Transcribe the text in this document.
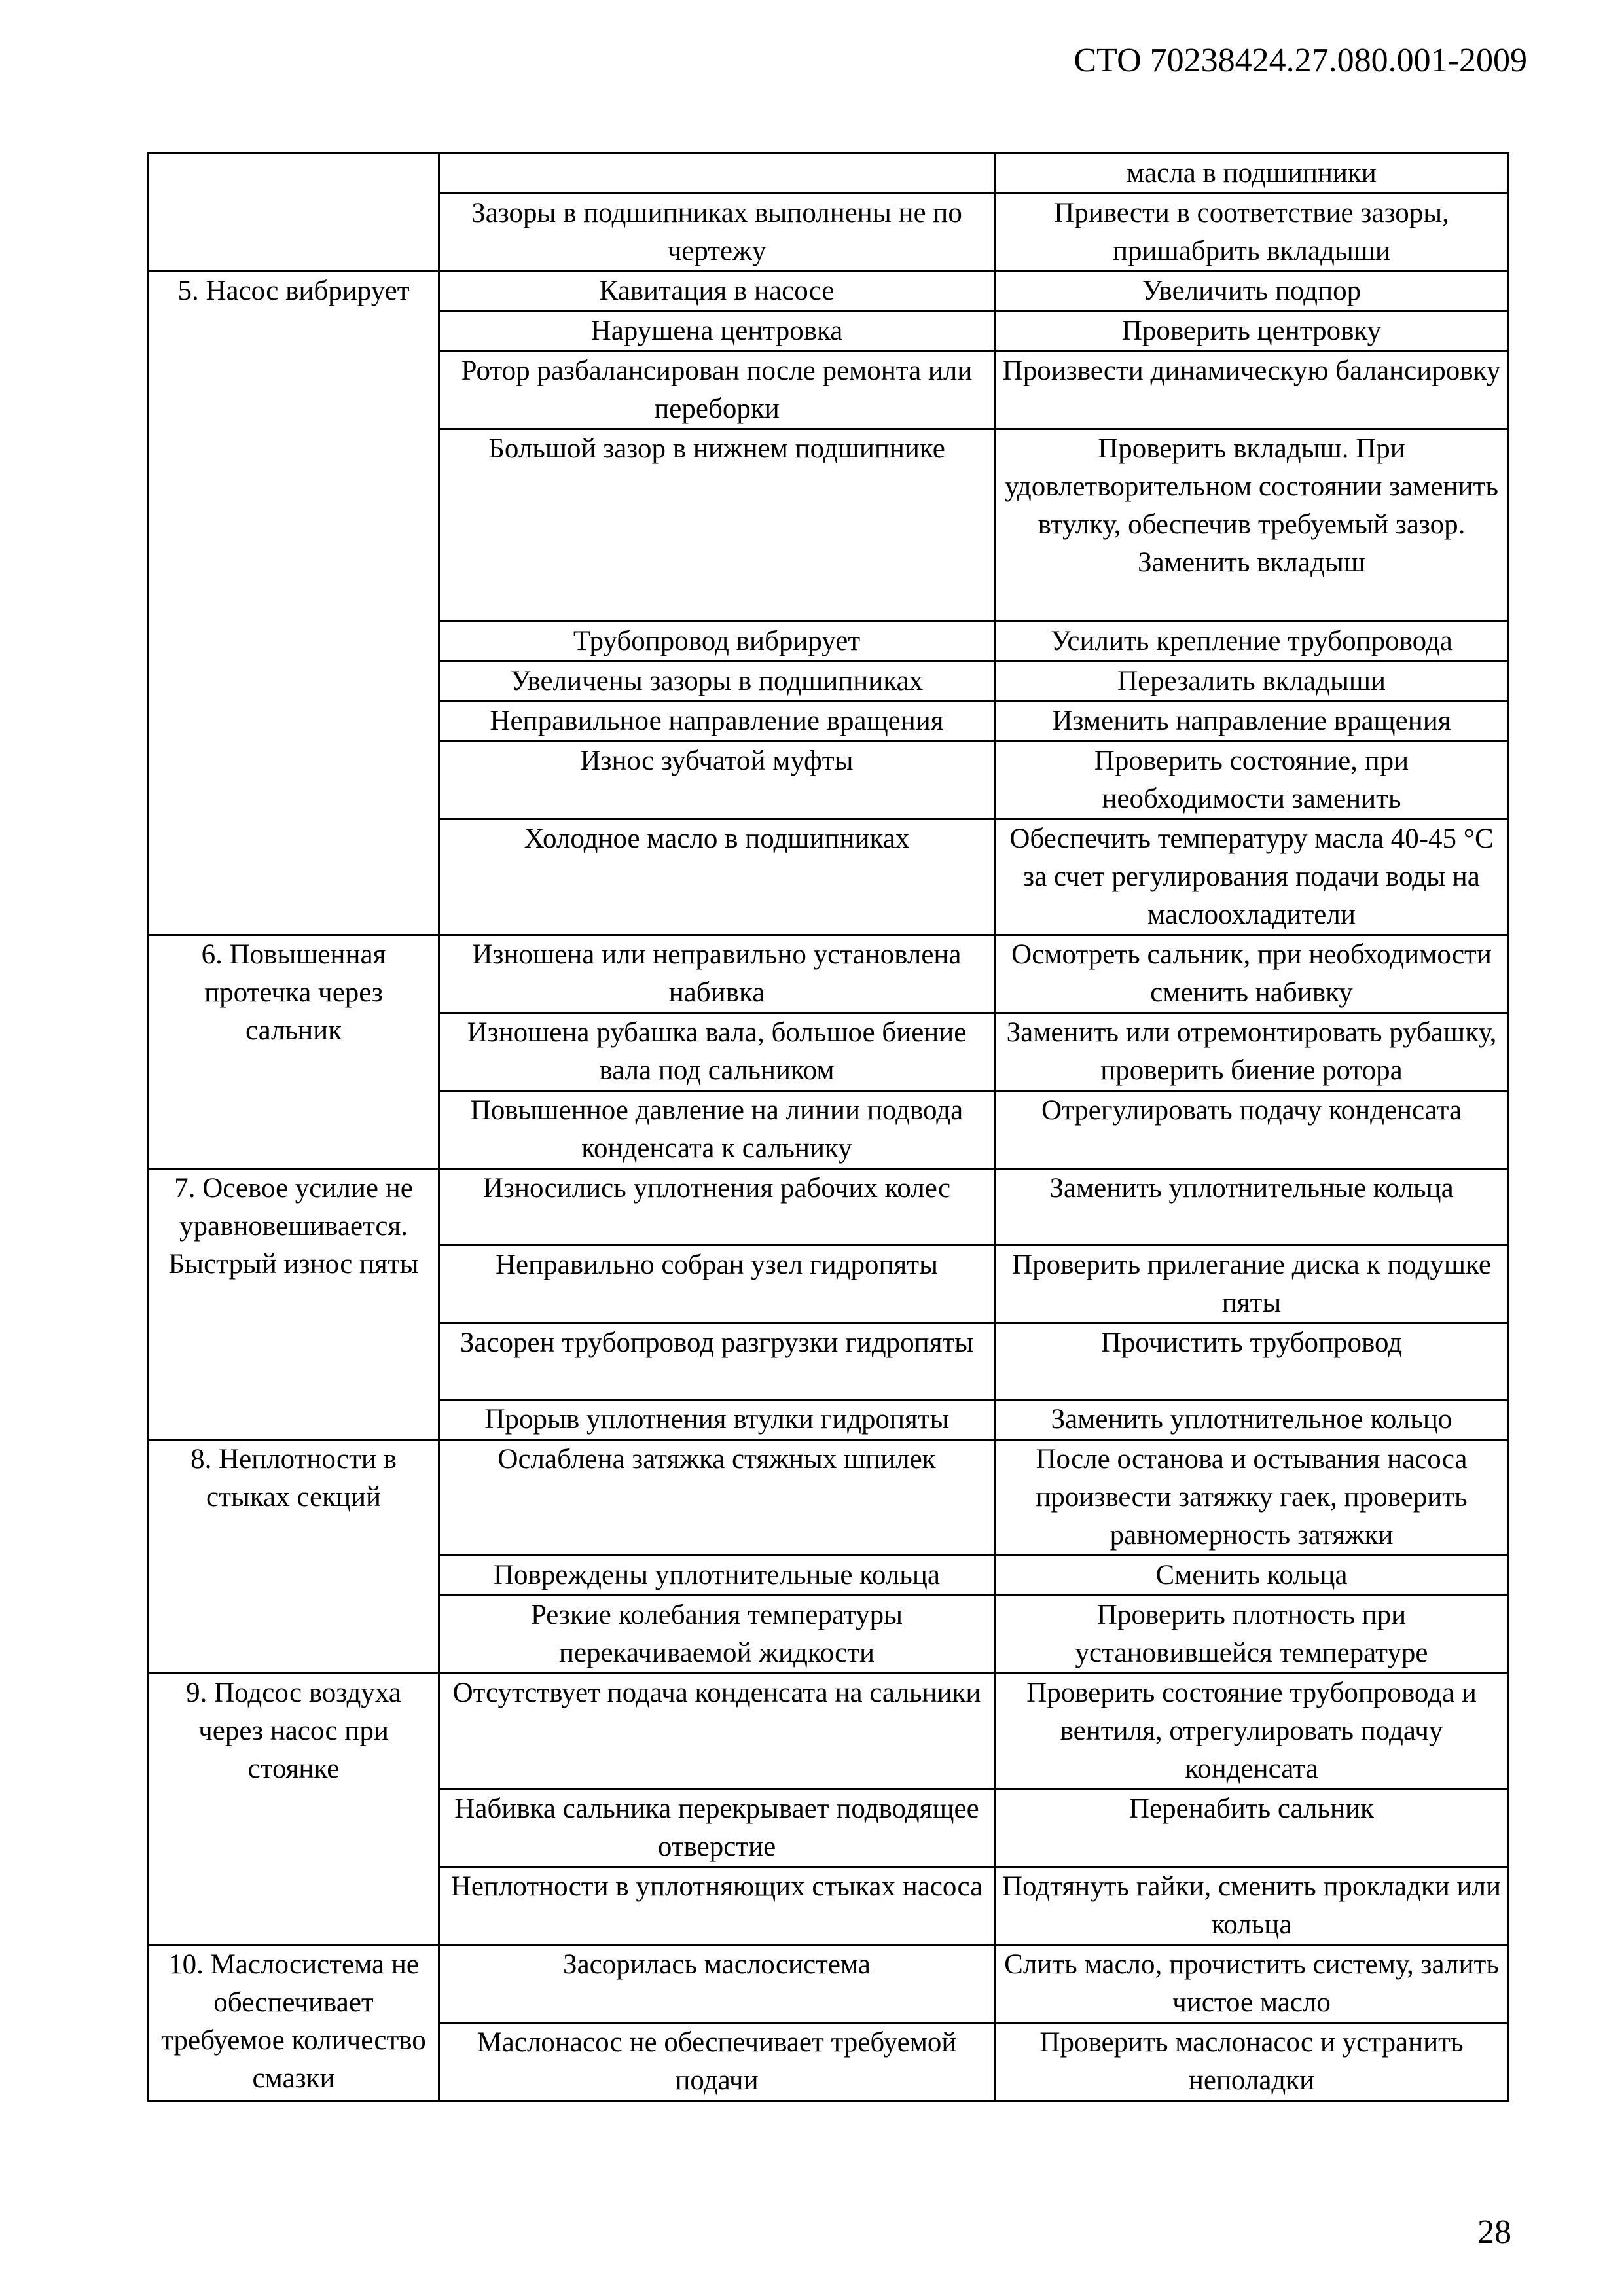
СТО 70238424.27.080.001-2009
		масла в подшипники
	Зазоры в подшипниках выполнены не по чертежу	Привести в соответствие зазоры, пришабрить вкладыши
5. Насос вибрирует	Кавитация в насосе	Увеличить подпор
	Нарушена центровка	Проверить центровку
	Ротор разбалансирован после ремонта или переборки	Произвести динамическую балансировку
	Большой зазор в нижнем подшипнике	Проверить вкладыш. При удовлетворительном состоянии заменить втулку, обеспечив требуемый зазор. Заменить вкладыш
	Трубопровод вибрирует	Усилить крепление трубопровода
	Увеличены зазоры в подшипниках	Перезалить вкладыши
	Неправильное направление вращения	Изменить направление вращения
	Износ зубчатой муфты	Проверить состояние, при необходимости заменить
	Холодное масло в подшипниках	Обеспечить температуру масла 40-45 °С за счет регулирования подачи воды на маслоохладители
6. Повышенная протечка через сальник	Изношена или неправильно установлена набивка	Осмотреть сальник, при необходимости сменить набивку
	Изношена рубашка вала, большое биение вала под сальником	Заменить или отремонтировать рубашку, проверить биение ротора
	Повышенное давление на линии подвода конденсата к сальнику	Отрегулировать подачу конденсата
7. Осевое усилие не уравновешивается. Быстрый износ пяты	Износились уплотнения рабочих колес	Заменить уплотнительные кольца
	Неправильно собран узел гидропяты	Проверить прилегание диска к подушке пяты
	Засорен трубопровод разгрузки гидропяты	Прочистить трубопровод
	Прорыв уплотнения втулки гидропяты	Заменить уплотнительное кольцо
8. Неплотности в стыках секций	Ослаблена затяжка стяжных шпилек	После останова и остывания насоса произвести затяжку гаек, проверить равномерность затяжки
	Повреждены уплотнительные кольца	Сменить кольца
	Резкие колебания температуры перекачиваемой жидкости	Проверить плотность при установившейся температуре
9. Подсос воздуха через насос при стоянке	Отсутствует подача конденсата на сальники	Проверить состояние трубопровода и вентиля, отрегулировать подачу конденсата
	Набивка сальника перекрывает подводящее отверстие	Перенабить сальник
	Неплотности в уплотняющих стыках насоса	Подтянуть гайки, сменить прокладки или кольца
10. Маслосистема не обеспечивает требуемое количество смазки	Засорилась маслосистема	Слить масло, прочистить систему, залить чистое масло
	Маслонасос не обеспечивает требуемой подачи	Проверить маслонасос и устранить неполадки
28
